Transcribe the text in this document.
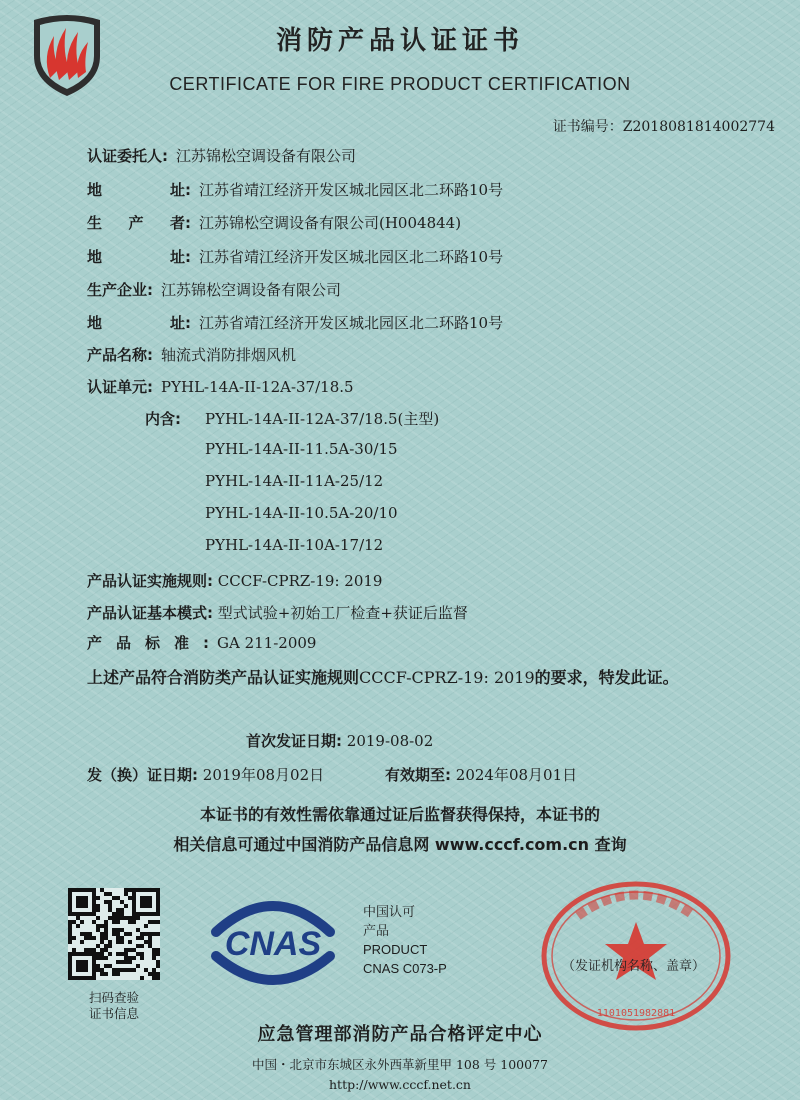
消防产品认证证书
CERTIFICATE FOR FIRE PRODUCT CERTIFICATION
证书编号：Z2018081814002774
认证委托人: 江苏锦松空调设备有限公司
地址: 江苏省靖江经济开发区城北园区北二环路10号
生产者: 江苏锦松空调设备有限公司(H004844)
地址: 江苏省靖江经济开发区城北园区北二环路10号
生产企业: 江苏锦松空调设备有限公司
地址: 江苏省靖江经济开发区城北园区北二环路10号
产品名称: 轴流式消防排烟风机
认证单元: PYHL-14A-II-12A-37/18.5
内含: PYHL-14A-II-12A-37/18.5(主型)
PYHL-14A-II-11.5A-30/15
PYHL-14A-II-11A-25/12
PYHL-14A-II-10.5A-20/10
PYHL-14A-II-10A-17/12
产品认证实施规则: CCCF-CPRZ-19: 2019
产品认证基本模式: 型式试验+初始工厂检查+获证后监督
产品标准: GA 211-2009
上述产品符合消防类产品认证实施规则CCCF-CPRZ-19: 2019的要求，特发此证。
首次发证日期: 2019-08-02
发（换）证日期: 2019年08月02日	有效期至: 2024年08月01日
本证书的有效性需依靠通过证后监督获得保持，本证书的
相关信息可通过中国消防产品信息网 www.cccf.com.cn 查询
扫码查验
证书信息
CNAS
中国认可
产品
PRODUCT
CNAS C073-P
1101051982881
（发证机构名称、盖章）
应急管理部消防产品合格评定中心
中国・北京市东城区永外西革新里甲 108 号 100077
http://www.cccf.net.cn
